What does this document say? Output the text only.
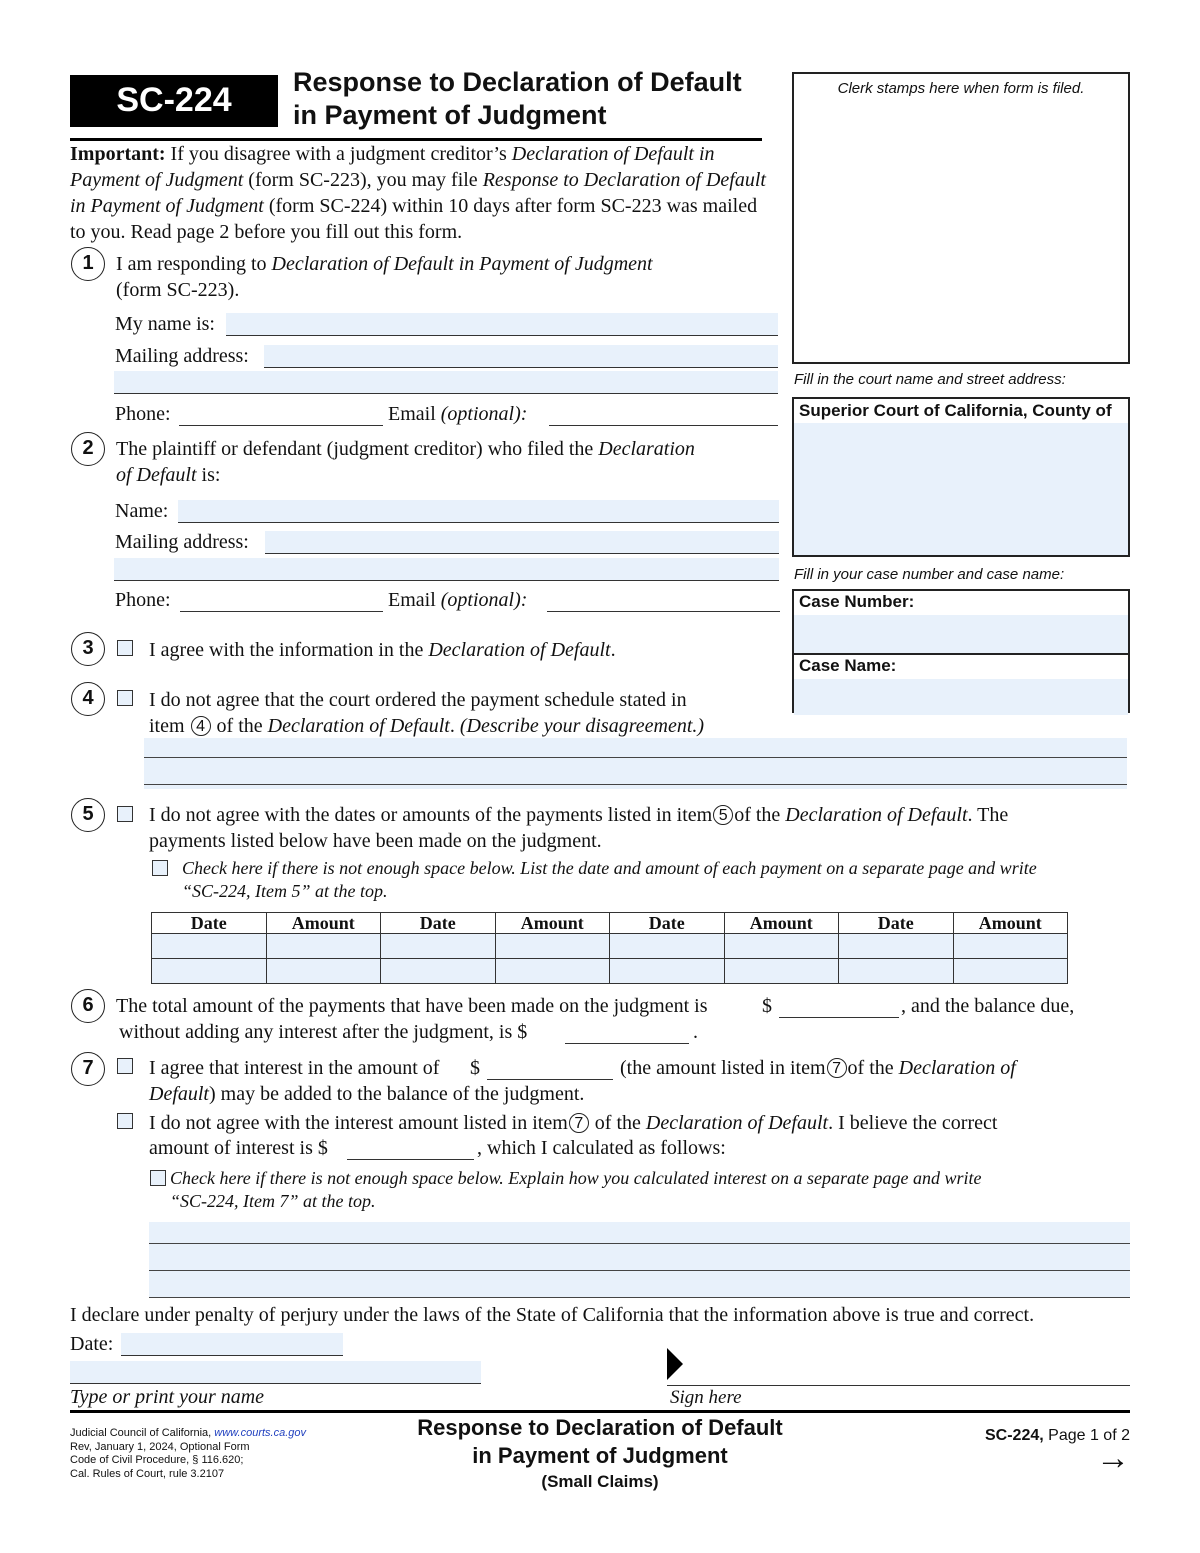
SC-224	Response to Declaration of Default
in Payment of Judgment
Clerk stamps here when form is filed.
Fill in the court name and street address:
Superior Court of California, County of
Fill in your case number and case name:
Case Number:
Case Name:
Important: If you disagree with a judgment creditor’s Declaration of Default in Payment of Judgment (form SC-223), you may file Response to Declaration of Default in Payment of Judgment (form SC-224) within 10 days after form SC-223 was mailed to you. Read page 2 before you fill out this form.
1	I am responding to Declaration of Default in Payment of Judgment
(form SC-223).
My name is:
Mailing address:
Phone:	Email (optional):
2	The plaintiff or defendant (judgment creditor) who filed the Declaration
of Default is:
Name:
Mailing address:
Phone:	Email (optional):
3	I agree with the information in the Declaration of Default.
4	I do not agree that the court ordered the payment schedule stated in
item 4 of the Declaration of Default. (Describe your disagreement.)
5	I do not agree with the dates or amounts of the payments listed in item 5 of the Declaration of Default. The
payments listed below have been made on the judgment.
Check here if there is not enough space below. List the date and amount of each payment on a separate page and write
“SC-224, Item 5” at the top.
Date	Amount	Date	Amount	Date	Amount	Date	Amount

6	The total amount of the payments that have been made on the judgment is	$	, and the balance due,
without adding any interest after the judgment, is $	.
7	I agree that interest in the amount of $	(the amount listed in item 7 of the Declaration of
Default) may be added to the balance of the judgment.
I do not agree with the interest amount listed in item 7 of the Declaration of Default. I believe the correct
amount of interest is $	, which I calculated as follows:
Check here if there is not enough space below. Explain how you calculated interest on a separate page and write
“SC-224, Item 7” at the top.
I declare under penalty of perjury under the laws of the State of California that the information above is true and correct.
Date:
Type or print your name	Sign here
Judicial Council of California, www.courts.ca.gov
Rev, January 1, 2024, Optional Form
Code of Civil Procedure, § 116.620;
Cal. Rules of Court, rule 3.2107
Response to Declaration of Default
in Payment of Judgment
(Small Claims)
SC-224, Page 1 of 2
→
